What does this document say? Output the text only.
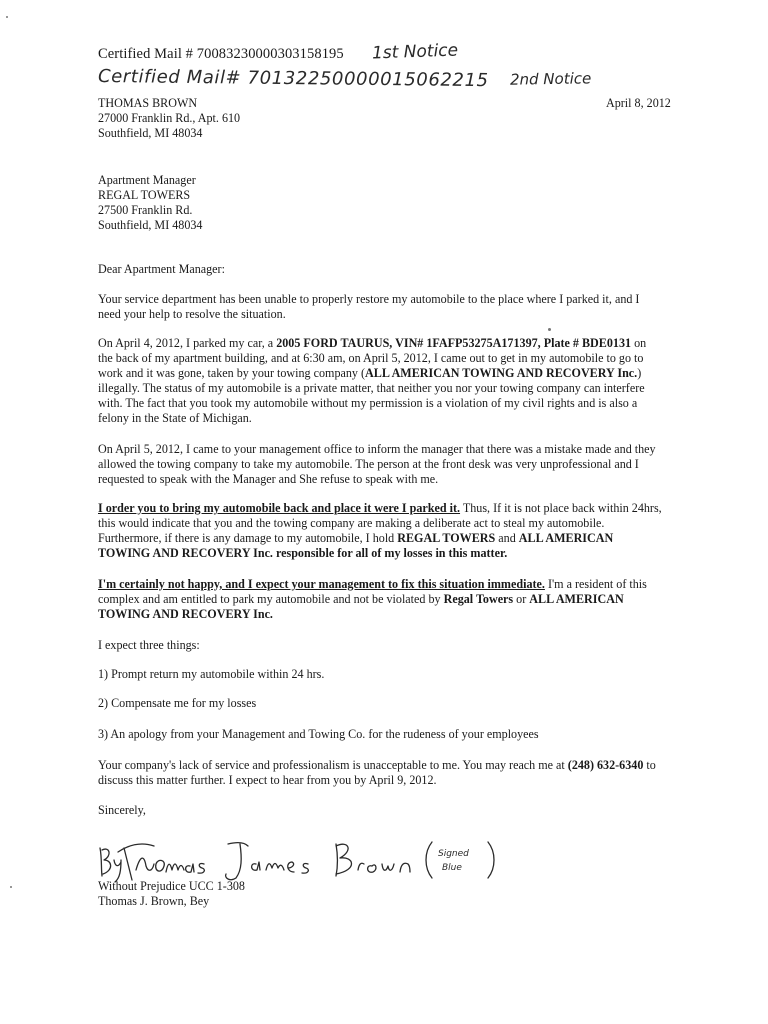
Certified Mail # 70083230000303158195 1st Notice
Certified Mail# 70132250000015062215 2nd Notice
THOMAS BROWN
27000 Franklin Rd., Apt. 610
Southfield, MI 48034
April 8, 2012
Apartment Manager
REGAL TOWERS
27500 Franklin Rd.
Southfield, MI 48034
Dear Apartment Manager:
Your service department has been unable to properly restore my automobile to the place where I parked it, and I
need your help to resolve the situation.
On April 4, 2012, I parked my car, a 2005 FORD TAURUS, VIN# 1FAFP53275A171397, Plate # BDE0131 on
the back of my apartment building, and at 6:30 am, on April 5, 2012, I came out to get in my automobile to go to
work and it was gone, taken by your towing company (ALL AMERICAN TOWING AND RECOVERY Inc.)
illegally. The status of my automobile is a private matter, that neither you nor your towing company can interfere
with. The fact that you took my automobile without my permission is a violation of my civil rights and is also a
felony in the State of Michigan.
On April 5, 2012, I came to your management office to inform the manager that there was a mistake made and they
allowed the towing company to take my automobile. The person at the front desk was very unprofessional and I
requested to speak with the Manager and She refuse to speak with me.
I order you to bring my automobile back and place it were I parked it. Thus, If it is not place back within 24hrs,
this would indicate that you and the towing company are making a deliberate act to steal my automobile.
Furthermore, if there is any damage to my automobile, I hold REGAL TOWERS and ALL AMERICAN
TOWING AND RECOVERY Inc. responsible for all of my losses in this matter.
I'm certainly not happy, and I expect your management to fix this situation immediate. I'm a resident of this
complex and am entitled to park my automobile and not be violated by Regal Towers or ALL AMERICAN
TOWING AND RECOVERY Inc.
I expect three things:
1) Prompt return my automobile within 24 hrs.
2) Compensate me for my losses
3) An apology from your Management and Towing Co. for the rudeness of your employees
Your company's lack of service and professionalism is unacceptable to me. You may reach me at (248) 632-6340 to
discuss this matter further. I expect to hear from you by April 9, 2012.
Sincerely,
Signed
Blue
Without Prejudice UCC 1-308
Thomas J. Brown, Bey
